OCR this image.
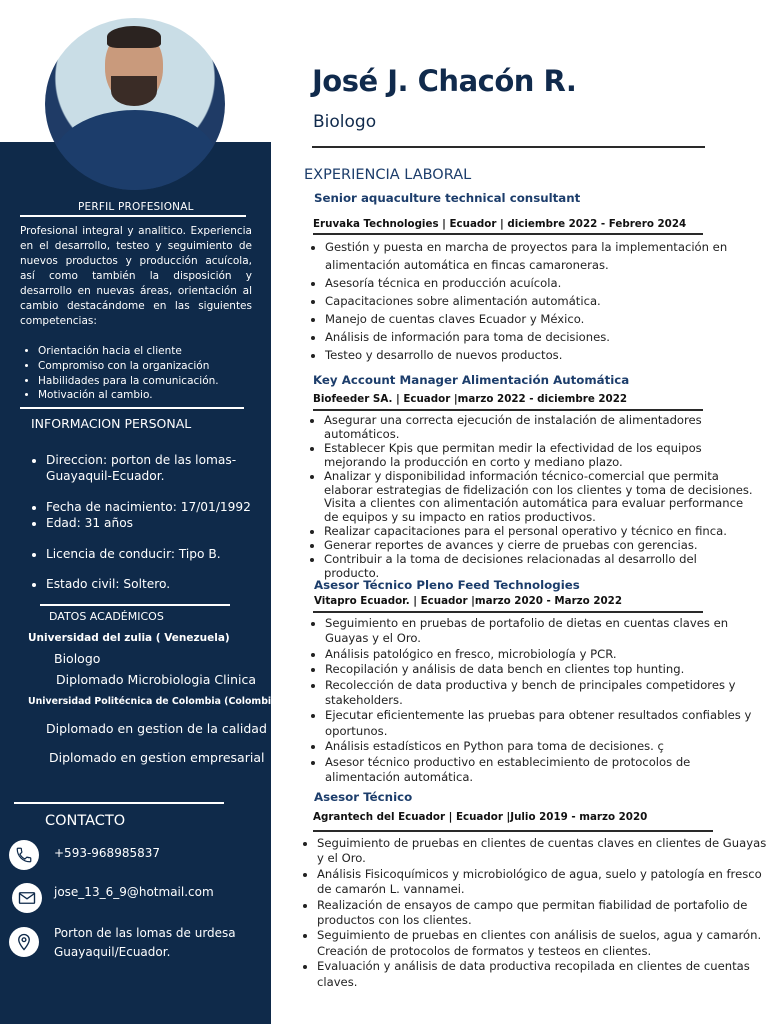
PERFIL PROFESIONAL
Profesional integral y analitico. Experiencia en el desarrollo, testeo y seguimiento de nuevos productos y producción acuícola, así como también la disposición y desarrollo en nuevas áreas, orientación al cambio destacándome en las siguientes competencias:
• Orientación hacia el cliente
• Compromiso con la organización
• Habilidades para la comunicación.
• Motivación al cambio.
INFORMACION PERSONAL
• Direccion: porton de las lomas-Guayaquil-Ecuador.
• Fecha de nacimiento: 17/01/1992
• Edad: 31 años
• Licencia de conducir: Tipo B.
• Estado civil: Soltero.
DATOS ACADÉMICOS
Universidad del zulia ( Venezuela)
Biologo
Diplomado Microbiologia Clinica
Universidad Politécnica de Colombia (Colombia)
Diplomado en gestion de la calidad
Diplomado en gestion empresarial
CONTACTO
+593-968985837
jose_13_6_9@hotmail.com
Porton de las lomas de urdesa
Guayaquil/Ecuador.
José J. Chacón R.
Biologo
EXPERIENCIA LABORAL
Senior aquaculture technical consultant
Eruvaka Technologies | Ecuador | diciembre 2022 - Febrero 2024
• Gestión y puesta en marcha de proyectos para la implementación en alimentación automática en fincas camaroneras.
• Asesoría técnica en producción acuícola.
• Capacitaciones sobre alimentación automática.
• Manejo de cuentas claves Ecuador y México.
• Análisis de información para toma de decisiones.
• Testeo y desarrollo de nuevos productos.
Key Account Manager Alimentación Automática
Biofeeder SA. | Ecuador |marzo 2022 - diciembre 2022
• Asegurar una correcta ejecución de instalación de alimentadores automáticos.
• Establecer Kpis que permitan medir la efectividad de los equipos mejorando la producción en corto y mediano plazo.
• Analizar y disponibilidad información técnico-comercial que permita elaborar estrategias de fidelización con los clientes y toma de decisiones. Visita a clientes con alimentación automática para evaluar performance de equipos y su impacto en ratios productivos.
• Realizar capacitaciones para el personal operativo y técnico en finca.
• Generar reportes de avances y cierre de pruebas con gerencias.
• Contribuir a la toma de decisiones relacionadas al desarrollo del producto.
Asesor Técnico Pleno Feed Technologies
Vitapro Ecuador. | Ecuador |marzo 2020 - Marzo 2022
• Seguimiento en pruebas de portafolio de dietas en cuentas claves en Guayas y el Oro.
• Análisis patológico en fresco, microbiología y PCR.
• Recopilación y análisis de data bench en clientes top hunting.
• Recolección de data productiva y bench de principales competidores y stakeholders.
• Ejecutar eficientemente las pruebas para obtener resultados confiables y oportunos.
• Análisis estadísticos en Python para toma de decisiones. ç
• Asesor técnico productivo en establecimiento de protocolos de alimentación automática.
Asesor Técnico
Agrantech del Ecuador | Ecuador |Julio 2019 - marzo 2020
• Seguimiento de pruebas en clientes de cuentas claves en clientes de Guayas y el Oro.
• Análisis Fisicoquímicos y microbiológico de agua, suelo y patología en fresco de camarón L. vannamei.
• Realización de ensayos de campo que permitan fiabilidad de portafolio de productos con los clientes.
• Seguimiento de pruebas en clientes con análisis de suelos, agua y camarón. Creación de protocolos de formatos y testeos en clientes.
• Evaluación y análisis de data productiva recopilada en clientes de cuentas claves.
